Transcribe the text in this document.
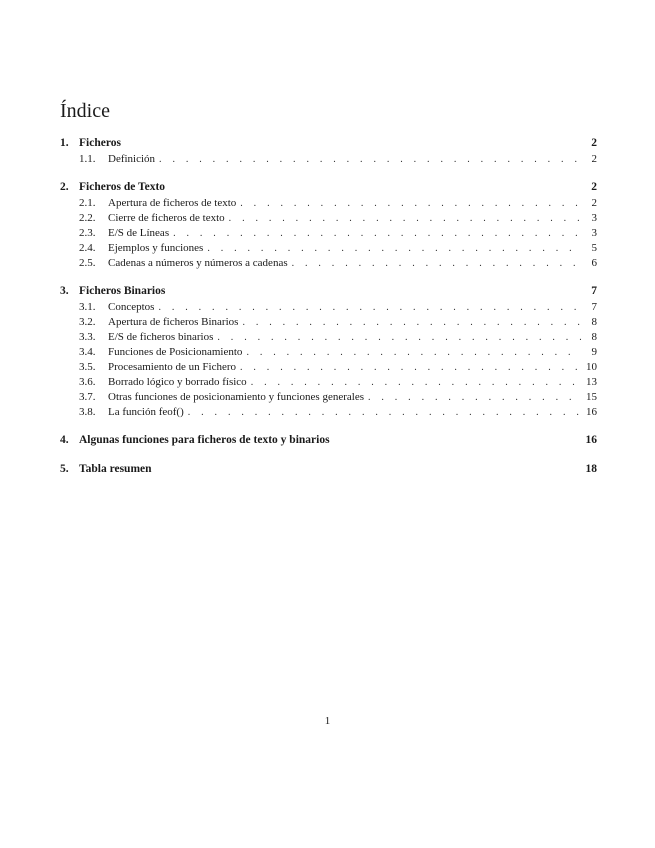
Índice
1. Ficheros	2
1.1.	Definición . . .	2
2. Ficheros de Texto	2
2.1.	Apertura de ficheros de texto . . .	2
2.2.	Cierre de ficheros de texto . . .	3
2.3.	E/S de Líneas . . .	3
2.4.	Ejemplos y funciones . . .	5
2.5.	Cadenas a números y números a cadenas . . .	6
3. Ficheros Binarios	7
3.1.	Conceptos . . .	7
3.2.	Apertura de ficheros Binarios . . .	8
3.3.	E/S de ficheros binarios . . .	8
3.4.	Funciones de Posicionamiento . . .	9
3.5.	Procesamiento de un Fichero . . .	10
3.6.	Borrado lógico y borrado físico . . .	13
3.7.	Otras funciones de posicionamiento y funciones generales . . .	15
3.8.	La función feof() . . .	16
4. Algunas funciones para ficheros de texto y binarios	16
5. Tabla resumen	18
1
